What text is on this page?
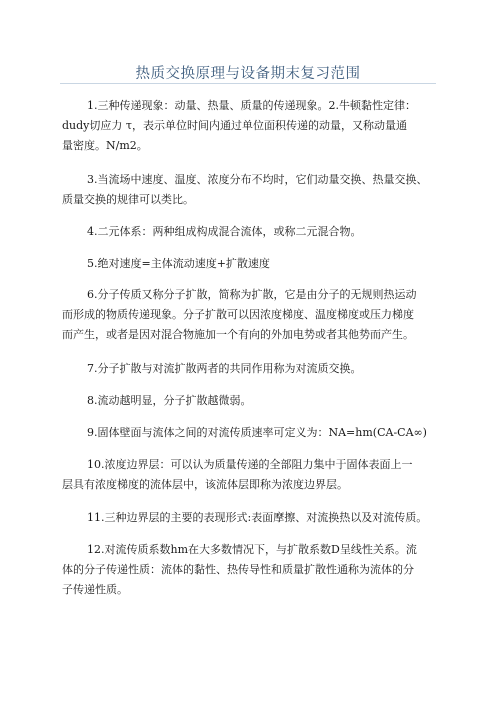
热质交换原理与设备期末复习范围
1.三种传递现象：动量、热量、质量的传递现象。2.牛顿黏性定律：
dudy切应力 τ，表示单位时间内通过单位面积传递的动量，又称动量通
量密度。N/m2。
3.当流场中速度、温度、浓度分布不均时，它们动量交换、热量交换、
质量交换的规律可以类比。
4.二元体系：两种组成构成混合流体，或称二元混合物。
5.绝对速度=主体流动速度+扩散速度
6.分子传质又称分子扩散，简称为扩散，它是由分子的无规则热运动
而形成的物质传递现象。分子扩散可以因浓度梯度、温度梯度或压力梯度
而产生，或者是因对混合物施加一个有向的外加电势或者其他势而产生。
7.分子扩散与对流扩散两者的共同作用称为对流质交换。
8.流动越明显，分子扩散越微弱。
9.固体壁面与流体之间的对流传质速率可定义为：NA=hm(CA-CA∞)
10.浓度边界层：可以认为质量传递的全部阻力集中于固体表面上一
层具有浓度梯度的流体层中，该流体层即称为浓度边界层。
11.三种边界层的主要的表现形式:表面摩擦、对流换热以及对流传质。
12.对流传质系数hm在大多数情况下，与扩散系数D呈线性关系。流
体的分子传递性质：流体的黏性、热传导性和质量扩散性通称为流体的分
子传递性质。
